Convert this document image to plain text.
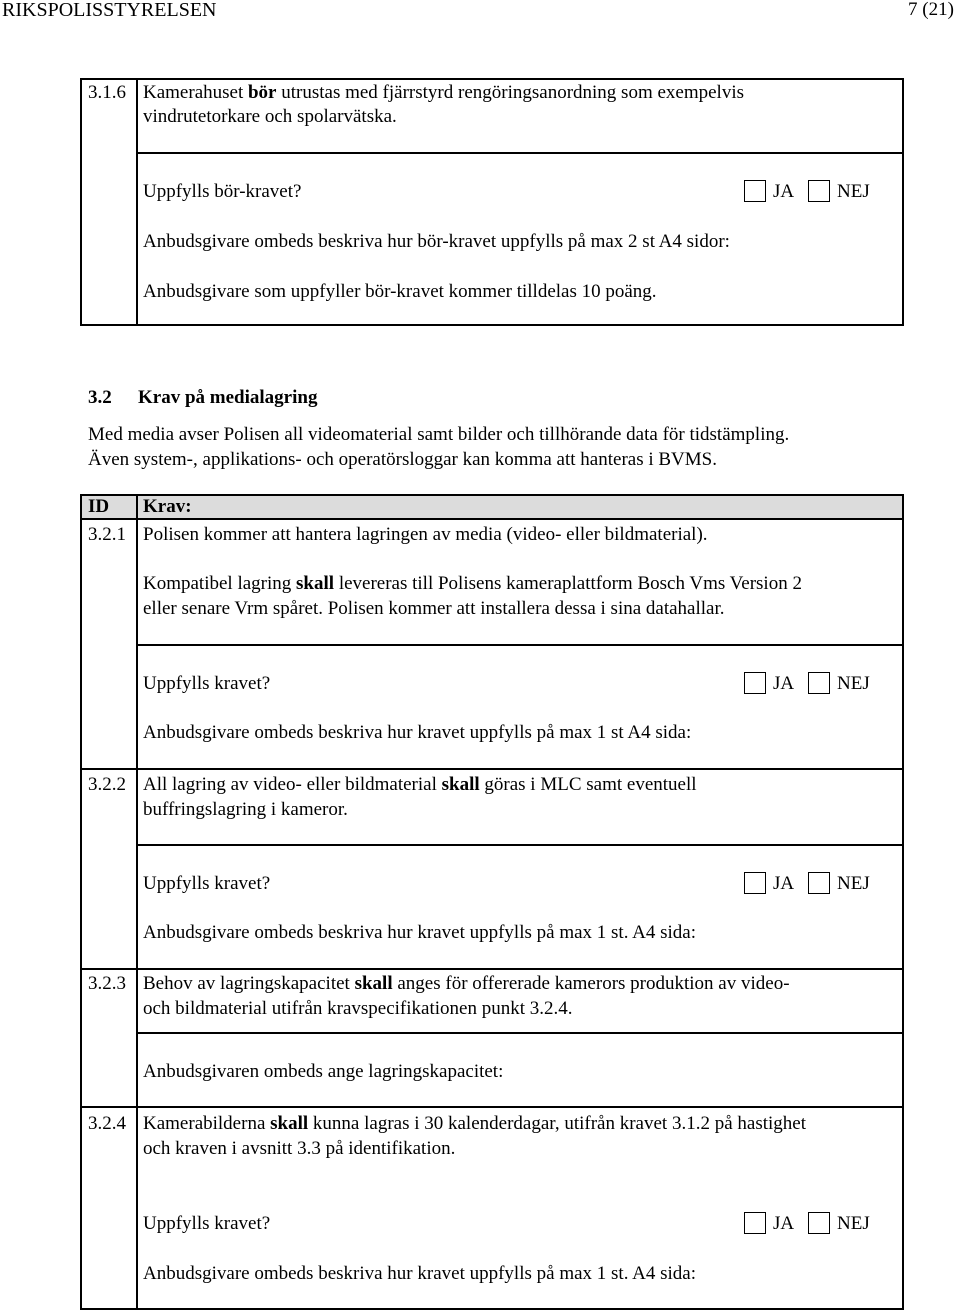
RIKSPOLISSTYRELSEN	7 (21)
3.1.6 Kamerahuset bör utrustas med fjärrstyrd rengöringsanordning som exempelvis
vindrutetorkare och spolarvätska.
Uppfylls bör-kravet?	JA NEJ
Anbudsgivare ombeds beskriva hur bör-kravet uppfylls på max 2 st A4 sidor:
Anbudsgivare som uppfyller bör-kravet kommer tilldelas 10 poäng.
3.2 Krav på medialagring
Med media avser Polisen all videomaterial samt bilder och tillhörande data för tidstämpling.
Även system-, applikations- och operatörsloggar kan komma att hanteras i BVMS.
ID Krav:
3.2.1 Polisen kommer att hantera lagringen av media (video- eller bildmaterial).
Kompatibel lagring skall levereras till Polisens kameraplattform Bosch Vms Version 2
eller senare Vrm spåret. Polisen kommer att installera dessa i sina datahallar.
Uppfylls kravet?	JA NEJ
Anbudsgivare ombeds beskriva hur kravet uppfylls på max 1 st A4 sida:
3.2.2 All lagring av video- eller bildmaterial skall göras i MLC samt eventuell
buffringslagring i kameror.
Uppfylls kravet?	JA NEJ
Anbudsgivare ombeds beskriva hur kravet uppfylls på max 1 st. A4 sida:
3.2.3 Behov av lagringskapacitet skall anges för offererade kamerors produktion av video-
och bildmaterial utifrån kravspecifikationen punkt 3.2.4.
Anbudsgivaren ombeds ange lagringskapacitet:
3.2.4 Kamerabilderna skall kunna lagras i 30 kalenderdagar, utifrån kravet 3.1.2 på hastighet
och kraven i avsnitt 3.3 på identifikation.
Uppfylls kravet?	JA NEJ
Anbudsgivare ombeds beskriva hur kravet uppfylls på max 1 st. A4 sida:
